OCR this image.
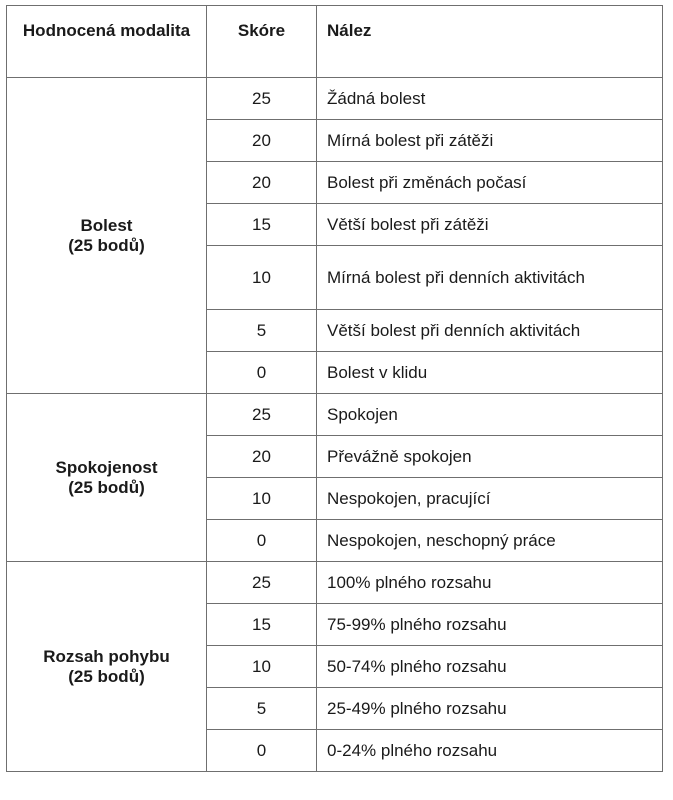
Hodnocená modalita	Skóre	Nález

Bolest
(25 bodů)	25	Žádná bolest
	20	Mírná bolest při zátěži
	20	Bolest při změnách počasí
	15	Větší bolest při zátěži
	10	Mírná bolest při denních aktivitách
	5	Větší bolest při denních aktivitách
	0	Bolest v klidu

Spokojenost
(25 bodů)	25	Spokojen
	20	Převážně spokojen
	10	Nespokojen, pracující
	0	Nespokojen, neschopný práce

Rozsah pohybu
(25 bodů)	25	100% plného rozsahu
	15	75-99% plného rozsahu
	10	50-74% plného rozsahu
	5	25-49% plného rozsahu
	0	0-24% plného rozsahu
